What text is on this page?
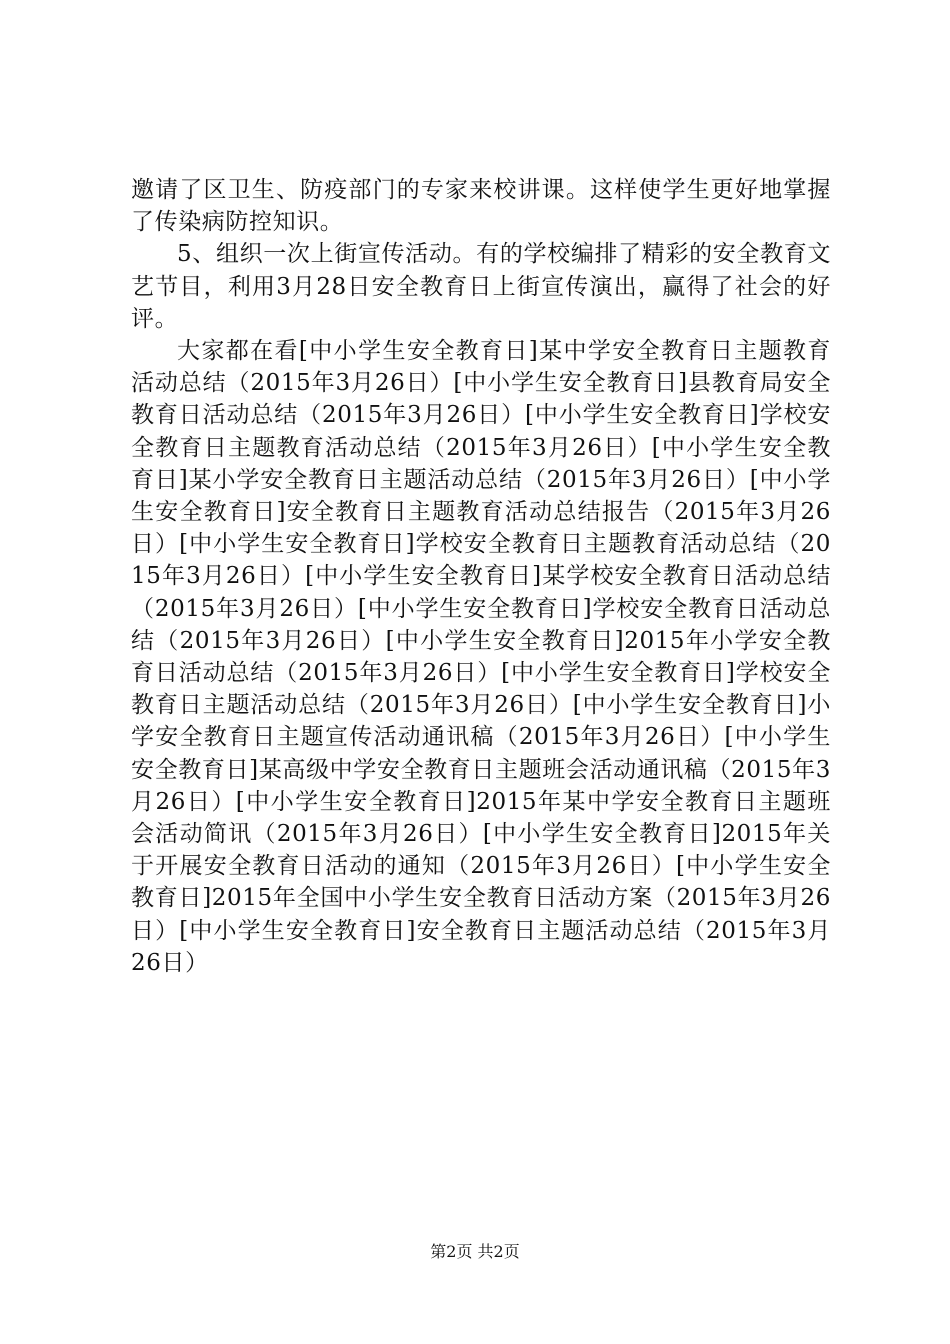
邀请了区卫生、防疫部门的专家来校讲课。这样使学生更好地掌握了传染病防控知识。

5、组织一次上街宣传活动。有的学校编排了精彩的安全教育文艺节目，利用3月28日安全教育日上街宣传演出，赢得了社会的好评。

大家都在看[中小学生安全教育日]某中学安全教育日主题教育活动总结（2015年3月26日）[中小学生安全教育日]县教育局安全教育日活动总结（2015年3月26日）[中小学生安全教育日]学校安全教育日主题教育活动总结（2015年3月26日）[中小学生安全教育日]某小学安全教育日主题活动总结（2015年3月26日）[中小学生安全教育日]安全教育日主题教育活动总结报告（2015年3月26日）[中小学生安全教育日]学校安全教育日主题教育活动总结（2015年3月26日）[中小学生安全教育日]某学校安全教育日活动总结（2015年3月26日）[中小学生安全教育日]学校安全教育日活动总结（2015年3月26日）[中小学生安全教育日]2015年小学安全教育日活动总结（2015年3月26日）[中小学生安全教育日]学校安全教育日主题活动总结（2015年3月26日）[中小学生安全教育日]小学安全教育日主题宣传活动通讯稿（2015年3月26日）[中小学生安全教育日]某高级中学安全教育日主题班会活动通讯稿（2015年3月26日）[中小学生安全教育日]2015年某中学安全教育日主题班会活动简讯（2015年3月26日）[中小学生安全教育日]2015年关于开展安全教育日活动的通知（2015年3月26日）[中小学生安全教育日]2015年全国中小学生安全教育日活动方案（2015年3月26日）[中小学生安全教育日]安全教育日主题活动总结（2015年3月26日）

第2页 共2页
